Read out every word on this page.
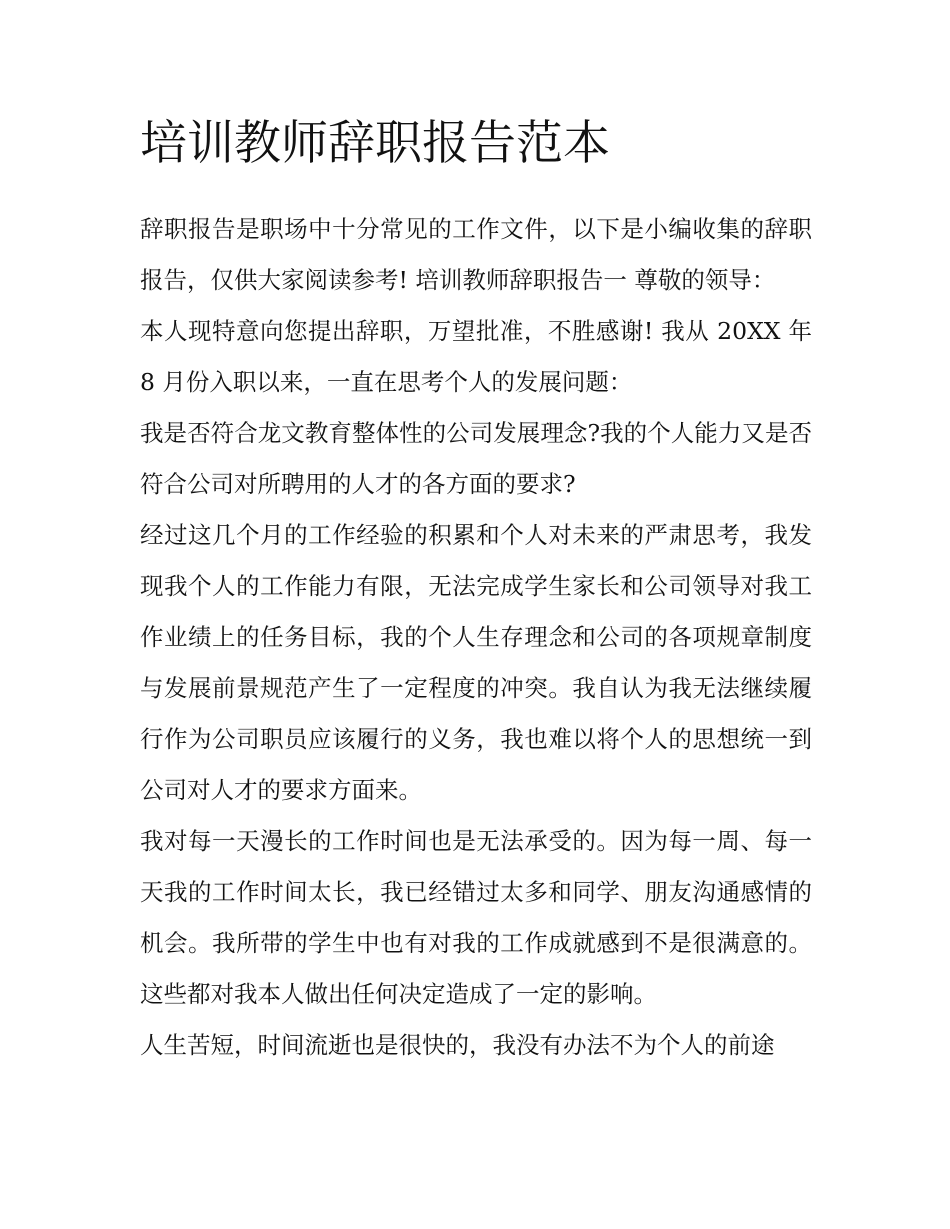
培训教师辞职报告范本

辞职报告是职场中十分常见的工作文件，以下是小编收集的辞职报告，仅供大家阅读参考! 培训教师辞职报告一 尊敬的领导：

本人现特意向您提出辞职，万望批准，不胜感谢! 我从 20XX 年 8 月份入职以来，一直在思考个人的发展问题：

我是否符合龙文教育整体性的公司发展理念?我的个人能力又是否符合公司对所聘用的人才的各方面的要求?

经过这几个月的工作经验的积累和个人对未来的严肃思考，我发现我个人的工作能力有限，无法完成学生家长和公司领导对我工作业绩上的任务目标，我的个人生存理念和公司的各项规章制度与发展前景规范产生了一定程度的冲突。我自认为我无法继续履行作为公司职员应该履行的义务，我也难以将个人的思想统一到公司对人才的要求方面来。

我对每一天漫长的工作时间也是无法承受的。因为每一周、每一天我的工作时间太长，我已经错过太多和同学、朋友沟通感情的机会。我所带的学生中也有对我的工作成就感到不是很满意的。这些都对我本人做出任何决定造成了一定的影响。

人生苦短，时间流逝也是很快的，我没有办法不为个人的前途
